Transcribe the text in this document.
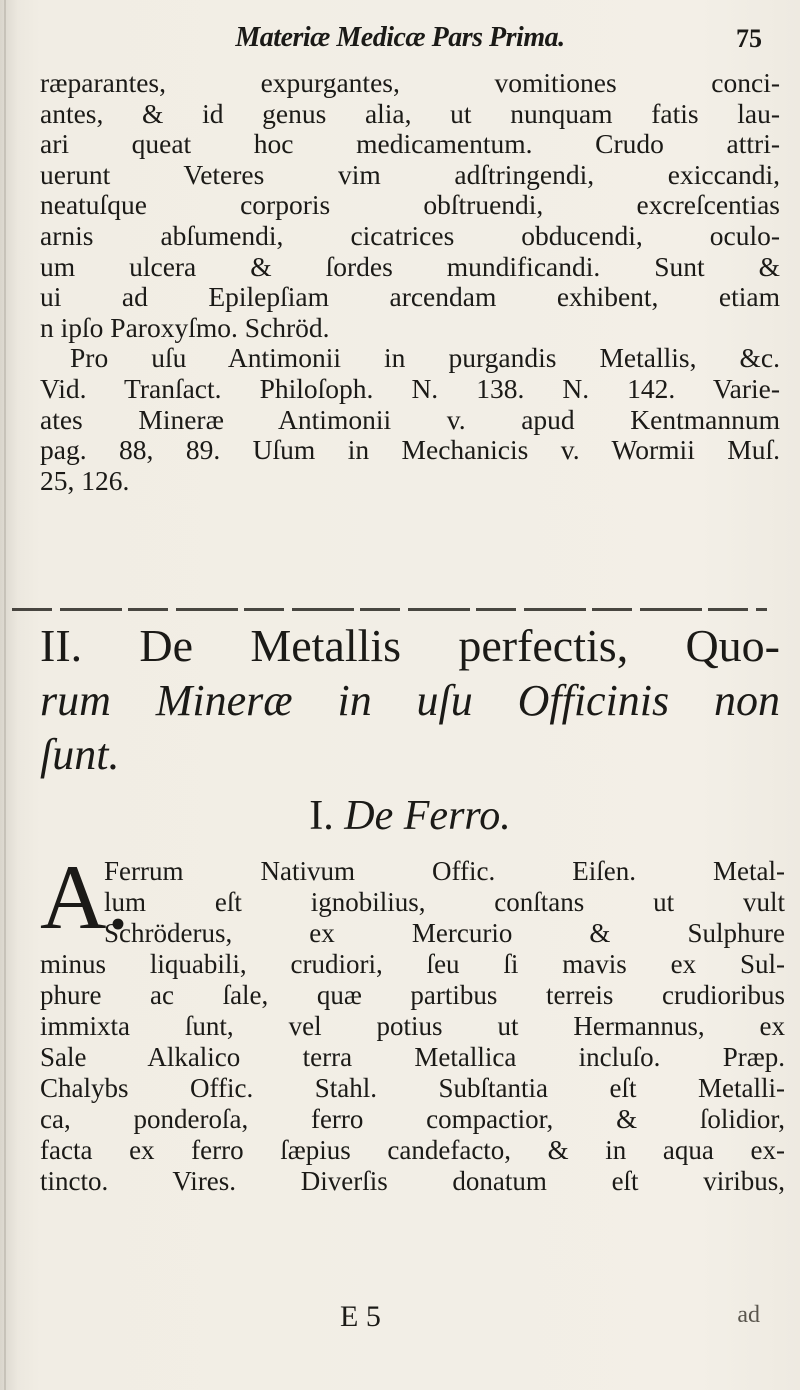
Materiæ Medicæ Pars Prima.	75
ræparantes, expurgantes, vomitiones conci-
antes, & id genus alia, ut nunquam fatis lau-
ari queat hoc medicamentum. Crudo attri-
uerunt Veteres vim adſtringendi, exiccandi,
neatuſque corporis obſtruendi, excreſcentias
arnis abſumendi, cicatrices obducendi, oculo-
um ulcera & ſordes mundificandi. Sunt &
ui ad Epilepſiam arcendam exhibent, etiam
n ipſo Paroxyſmo. Schröd.
Pro uſu Antimonii in purgandis Metallis, &c.
Vid. Tranſact. Philoſoph. N. 138. N. 142. Varie-
ates Mineræ Antimonii v. apud Kentmannum
pag. 88, 89. Uſum in Mechanicis v. Wormii Muſ.
25, 126.
II. De Metallis perfectis, Quo-
rum Mineræ in uſu Officinis non
ſunt.
I. De Ferro.
A.
Ferrum Nativum Offic. Eiſen. Metal-
lum eſt ignobilius, conſtans ut vult
Schröderus, ex Mercurio & Sulphure
minus liquabili, crudiori, ſeu ſi mavis ex Sul-
phure ac ſale, quæ partibus terreis crudioribus
immixta ſunt, vel potius ut Hermannus, ex
Sale Alkalico terra Metallica incluſo. Præp.
Chalybs Offic. Stahl. Subſtantia eſt Metalli-
ca, ponderoſa, ferro compactior, & ſolidior,
facta ex ferro ſæpius candefacto, & in aqua ex-
tincto. Vires. Diverſis donatum eſt viribus,
E 5	ad
